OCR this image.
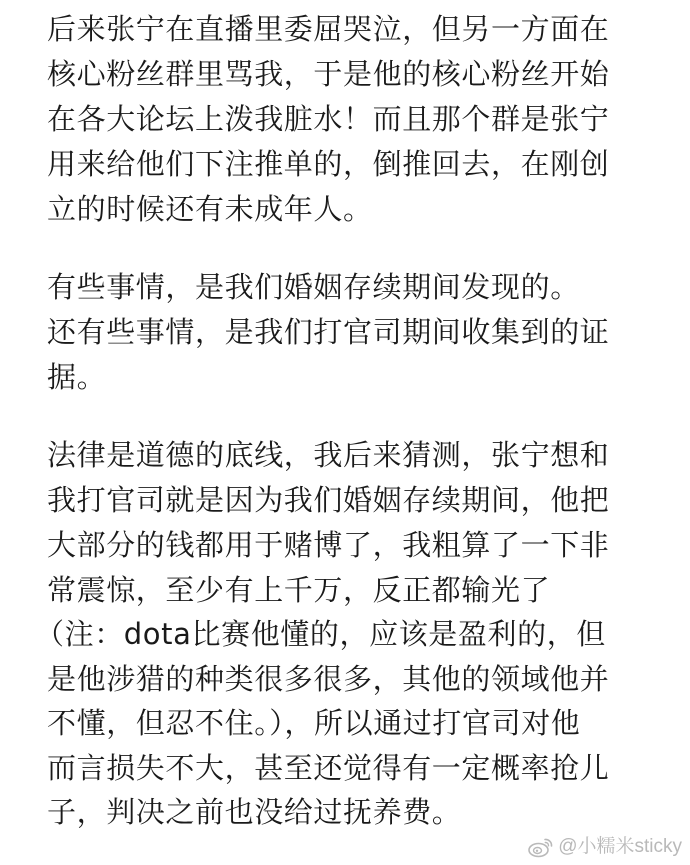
后来张宁在直播里委屈哭泣，但另一方面在
核心粉丝群里骂我，于是他的核心粉丝开始
在各大论坛上泼我脏水！而且那个群是张宁
用来给他们下注推单的，倒推回去，在刚创
立的时候还有未成年人。
有些事情，是我们婚姻存续期间发现的。
还有些事情，是我们打官司期间收集到的证
据。
法律是道德的底线，我后来猜测，张宁想和
我打官司就是因为我们婚姻存续期间，他把
大部分的钱都用于赌博了，我粗算了一下非
常震惊，至少有上千万，反正都输光了
（注：dota比赛他懂的，应该是盈利的，但
是他涉猎的种类很多很多，其他的领域他并
不懂，但忍不住。），所以通过打官司对他
而言损失不大，甚至还觉得有一定概率抢儿
子，判决之前也没给过抚养费。
@小糯米sticky
